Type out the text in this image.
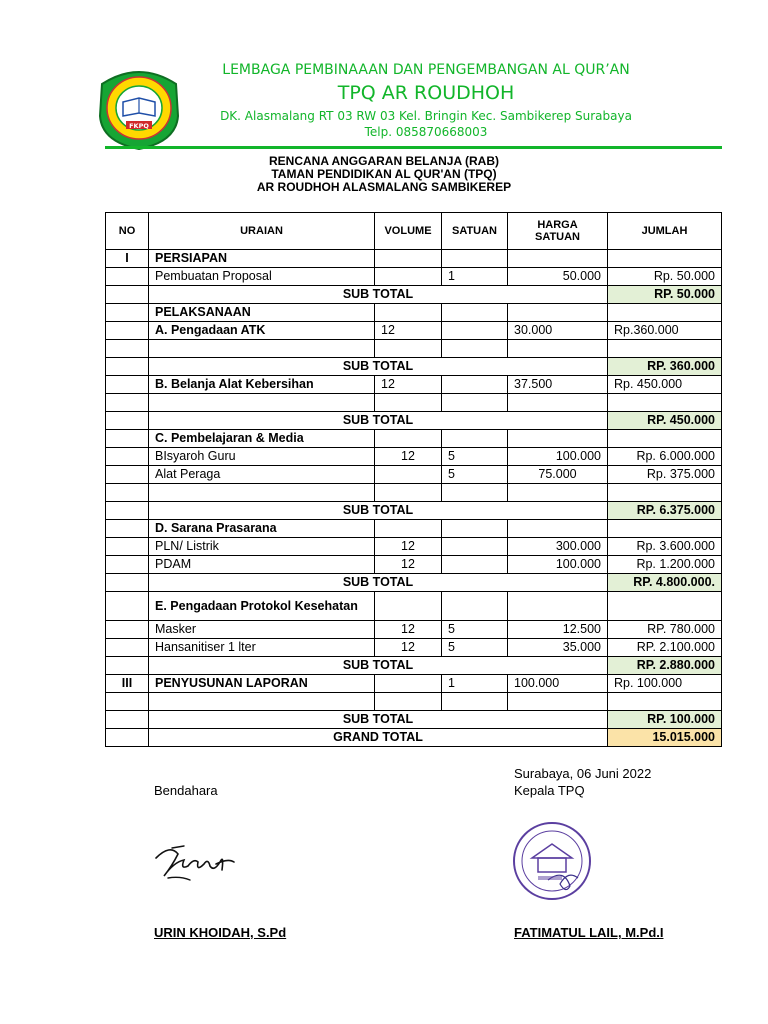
FKPQ
LEMBAGA PEMBINAAAN DAN PENGEMBANGAN AL QUR’AN
TPQ AR ROUDHOH
DK. Alasmalang RT 03 RW 03 Kel. Bringin Kec. Sambikerep Surabaya
Telp. 085870668003
RENCANA ANGGARAN BELANJA (RAB)
TAMAN PENDIDIKAN AL QUR'AN (TPQ)
AR ROUDHOH ALASMALANG SAMBIKEREP
NO	URAIAN	VOLUME	SATUAN	HARGA SATUAN	JUMLAH
I	PERSIAPAN				
	Pembuatan Proposal		1	50.000	Rp. 50.000
	SUB TOTAL				RP. 50.000
	PELAKSANAAN				
	A. Pengadaan ATK	12		30.000	Rp.360.000

	SUB TOTAL				RP. 360.000
	B. Belanja Alat Kebersihan	12		37.500	Rp. 450.000

	SUB TOTAL				RP. 450.000
	C. Pembelajaran & Media				
	BIsyaroh Guru	12	5	100.000	Rp. 6.000.000
	Alat Peraga		5	75.000	Rp. 375.000

	SUB TOTAL				RP. 6.375.000
	D. Sarana Prasarana				
	PLN/ Listrik	12		300.000	Rp. 3.600.000
	PDAM	12		100.000	Rp. 1.200.000
	SUB TOTAL				RP. 4.800.000.
	E. Pengadaan Protokol Kesehatan				
	Masker	12	5	12.500	RP. 780.000
	Hansanitiser 1 lter	12	5	35.000	RP. 2.100.000
	SUB TOTAL				RP. 2.880.000
III	PENYUSUNAN LAPORAN		1	100.000	Rp. 100.000

	SUB TOTAL				RP. 100.000
	GRAND TOTAL				15.015.000
Surabaya, 06 Juni 2022
Bendahara	Kepala TPQ
URIN KHOIDAH, S.Pd	FATIMATUL LAIL, M.Pd.I
